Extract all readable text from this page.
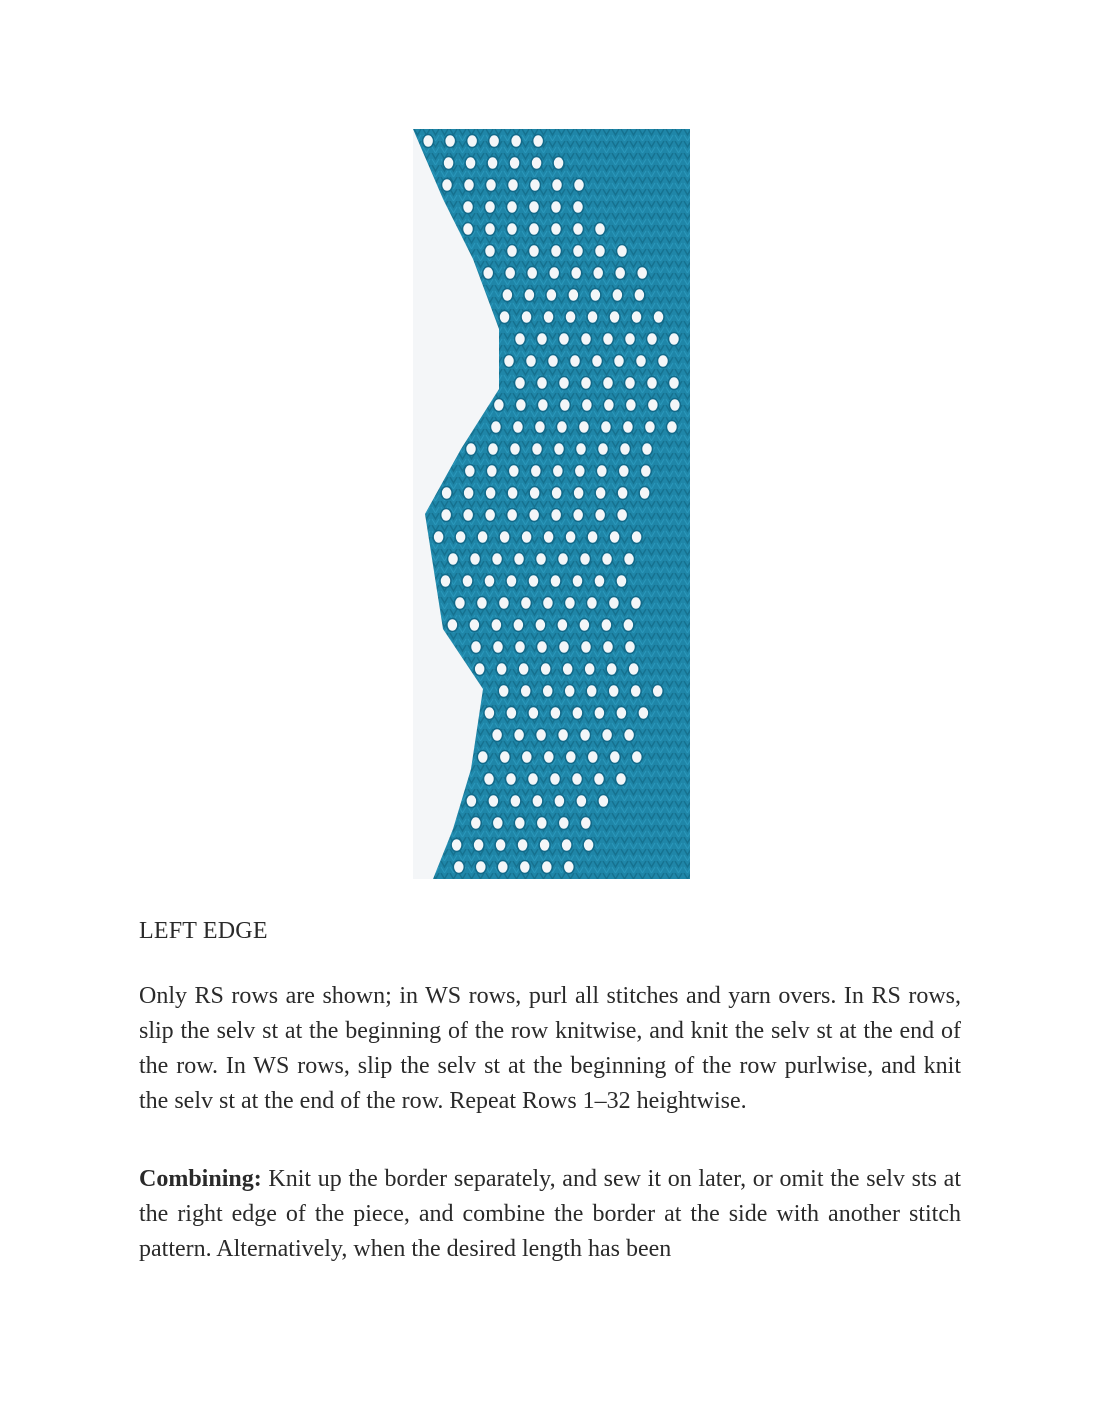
LEFT EDGE

Only RS rows are shown; in WS rows, purl all stitches and yarn overs. In RS rows, slip the selv st at the beginning of the row knitwise, and knit the selv st at the end of the row. In WS rows, slip the selv st at the beginning of the row purlwise, and knit the selv st at the end of the row. Repeat Rows 1–32 heightwise.

Combining: Knit up the border separately, and sew it on later, or omit the selv sts at the right edge of the piece, and combine the border at the side with another stitch pattern. Alternatively, when the desired length has been
